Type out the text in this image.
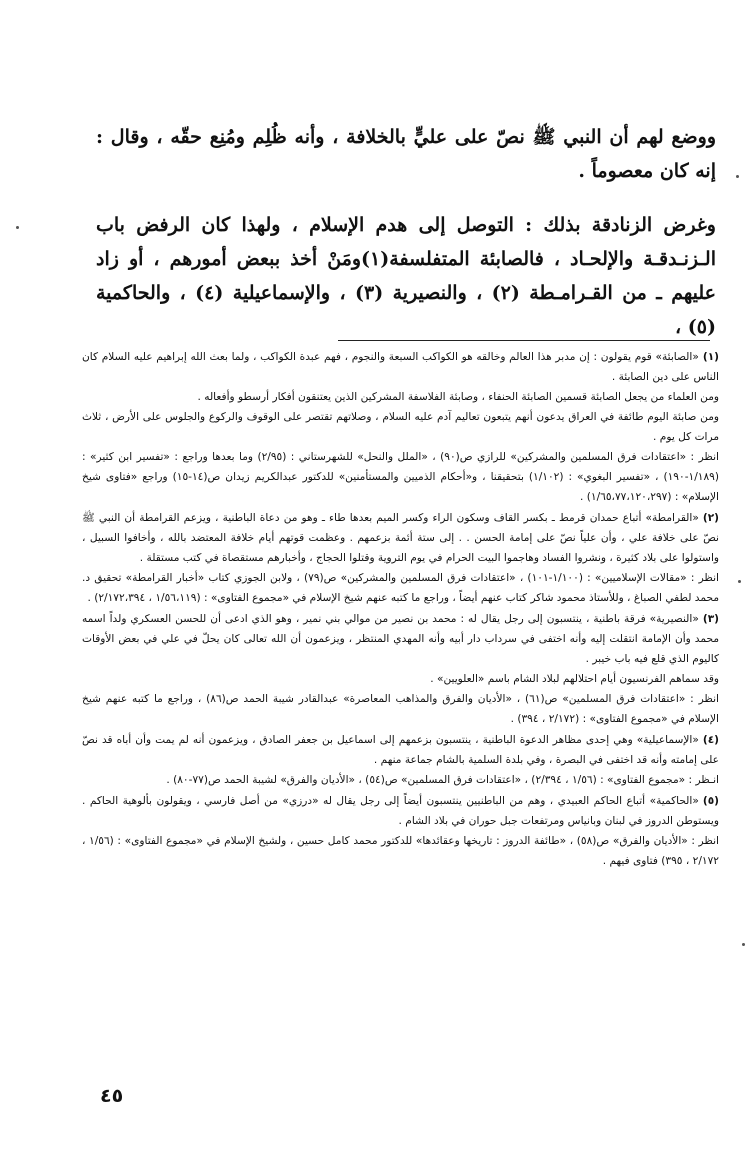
ووضع لهم أن النبي ﷺ نصّ على عليٍّ بالخلافة ، وأنه ظُلِم ومُنِع حقّه ، وقال : إنه كان معصوماً .

وغرض الزنادقة بذلك : التوصل إلى هدم الإسلام ، ولهذا كان الرفض باب الـزنـدقـة والإلحـاد ، فالصابئة المتفلسفة(١)ومَنْ أخذ ببعض أمورهم ، أو زاد عليهم ـ من القـرامـطة (٢) ، والنصيرية (٣) ، والإسماعيلية (٤) ، والحاكمية (٥) ،

(١)«الصابئة» قوم يقولون : إن مدبر هذا العالم وخالقه هو الكواكب السبعة والنجوم ، فهم عبدة الكواكب ، ولما بعث الله إبراهيم عليه السلام كان الناس على دين الصابئة .

ومن العلماء من يجعل الصابئة قسمين الصابئة الحنفاء ، وصابئة الفلاسفة المشركين الذين يعتنقون أفكار أرسطو وأفعاله .

ومن صابئة اليوم طائفة في العراق يدعون أنهم يتبعون تعاليم آدم عليه السلام ، وصلاتهم تقتصر على الوقوف والركوع والجلوس على الأرض ، ثلاث مرات كل يوم .

انظر : «اعتقادات فرق المسلمين والمشركين» للرازي ص(٩٠) ، «الملل والنحل» للشهرستاني : (٢/٩٥) وما بعدها وراجع : «تفسير ابن كثير» : (١/١٨٩-١٩٠) ، «تفسير البغوي» : (١/١٠٢) بتحقيقنا ، و«أحكام الذميين والمستأمنين» للدكتور عبدالكريم زيدان ص(١٤-١٥) وراجع «فتاوى شيخ الإسلام» : (١/٦٥،٧٧،١٢٠،٢٩٧) .

(٢)«القرامطة» أتباع حمدان قرمط ـ بكسر القاف وسكون الراء وكسر الميم بعدها طاء ـ وهو من دعاة الباطنية ، ويزعم القرامطة أن النبي ﷺ نصّ على خلافة علي ، وأن علياً نصّ على إمامة الحسن . . إلى ستة أئمة بزعمهم . وعظمت قوتهم أيام خلافة المعتضد بالله ، وأخافوا السبيل ، واستولوا على بلاد كثيرة ، ونشروا الفساد وهاجموا البيت الحرام في يوم التروية وقتلوا الحجاج ، وأخبارهم مستقصاة في كتب مستقلة .

انظر : «مقالات الإسلاميين» : (١/١٠٠-١٠١) ، «اعتقادات فرق المسلمين والمشركين» ص(٧٩) ، ولابن الجوزي كتاب «أخبار القرامطة» تحقيق د. محمد لطفي الصباغ ، وللأستاذ محمود شاكر كتاب عنهم أيضاً ، وراجع ما كتبه عنهم شيخ الإسلام في «مجموع الفتاوى» : (١/٥٦،١١٩ ، ٢/١٧٢،٣٩٤) .

(٣)«النصيرية» فرقة باطنية ، ينتسبون إلى رجل يقال له : محمد بن نصير من موالي بني نمير ، وهو الذي ادعى أن للحسن العسكري ولداً اسمه محمد وأن الإمامة انتقلت إليه وأنه اختفى في سرداب دار أبيه وأنه المهدي المنتظر ، ويزعمون أن الله تعالى كان يحلّ في علي في بعض الأوقات كاليوم الذي قلع فيه باب خيبر .

وقد سماهم الفرنسيون أيام احتلالهم لبلاد الشام باسم «العلويين» .

انظر : «اعتقادات فرق المسلمين» ص(٦١) ، «الأديان والفرق والمذاهب المعاصرة» عبدالقادر شيبة الحمد ص(٨٦) ، وراجع ما كتبه عنهم شيخ الإسلام في «مجموع الفتاوى» : (٢/١٧٢ ، ٣٩٤) .

(٤)«الإسماعيلية» وهي إحدى مظاهر الدعوة الباطنية ، ينتسبون بزعمهم إلى اسماعيل بن جعفر الصادق ، ويزعمون أنه لم يمت وأن أباه قد نصّ على إمامته وأنه قد اختفى في البصرة ، وفي بلدة السلمية بالشام جماعة منهم .

انـظر : «مجموع الفتاوى» : (١/٥٦ ، ٢/٣٩٤) ، «اعتقادات فرق المسلمين» ص(٥٤) ، «الأديان والفرق» لشيبة الحمد ص(٧٧-٨٠) .

(٥)«الحاكمية» أتباع الحاكم العبيدي ، وهم من الباطنيين ينتسبون أيضاً إلى رجل يقال له «درزي» من أصل فارسي ، ويقولون بألوهية الحاكم . ويستوطن الدروز في لبنان وبانياس ومرتفعات جبل حوران في بلاد الشام .

انظر : «الأديان والفرق» ص(٥٨) ، «طائفة الدروز : تاريخها وعقائدها» للدكتور محمد كامل حسين ، ولشيخ الإسلام في «مجموع الفتاوى» : (١/٥٦ ، ٢/١٧٢ ، ٣٩٥) فتاوى فيهم .

٤٥
